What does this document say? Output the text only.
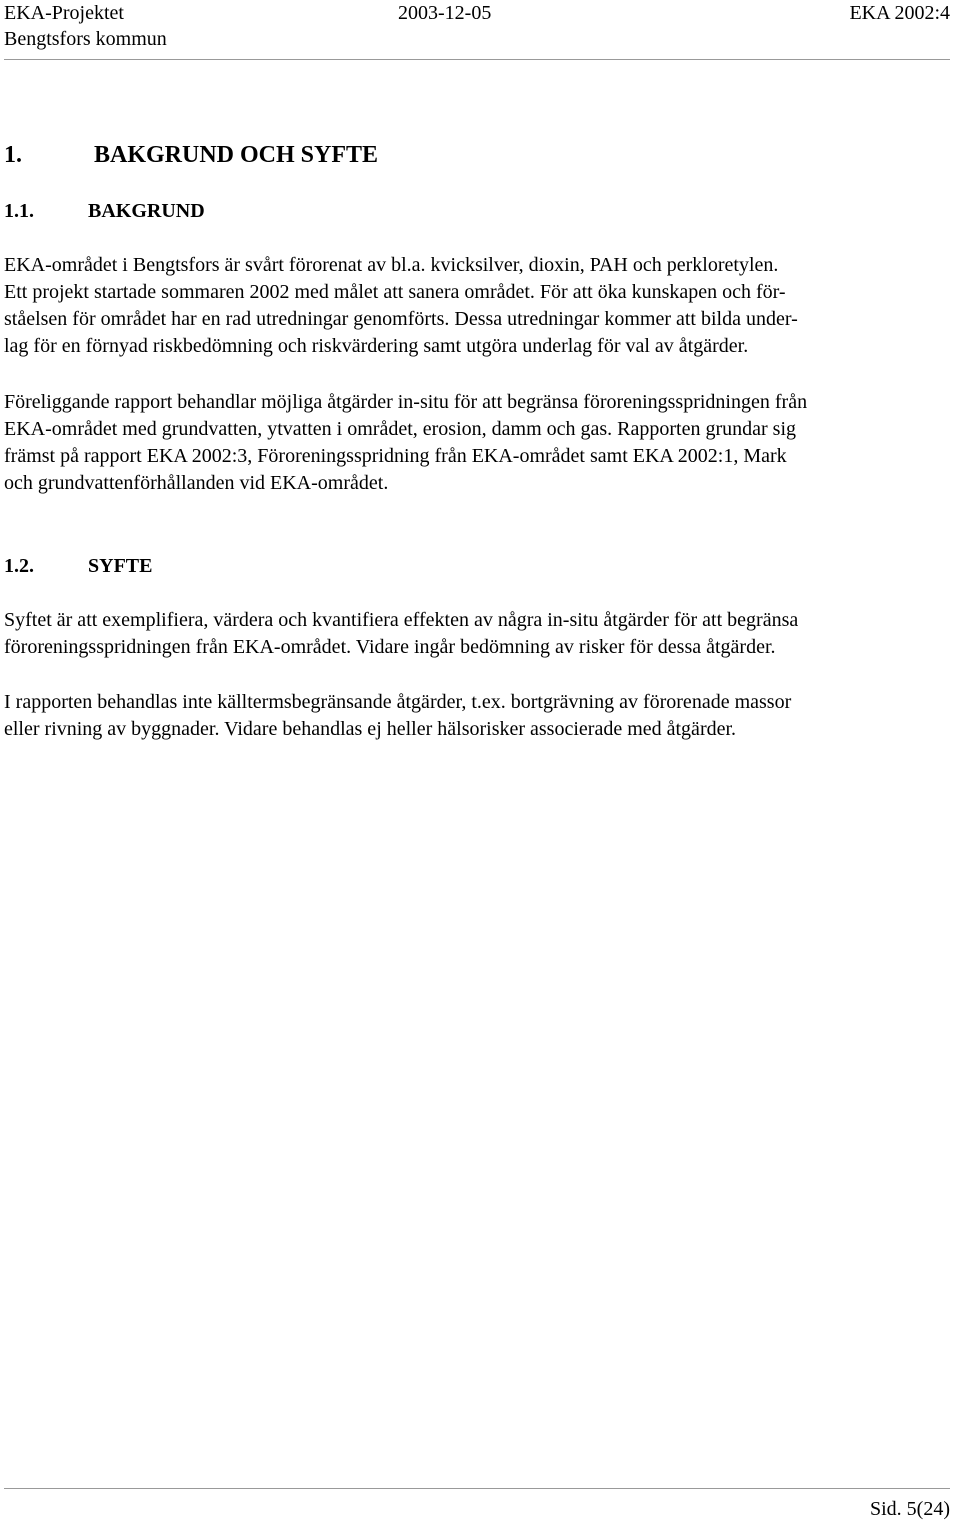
EKA-Projektet	2003-12-05	EKA 2002:4
Bengtsfors kommun
1.	BAKGRUND OCH SYFTE
1.1.	BAKGRUND

EKA-området i Bengtsfors är svårt förorenat av bl.a. kvicksilver, dioxin, PAH och perkloretylen.
Ett projekt startade sommaren 2002 med målet att sanera området. För att öka kunskapen och för-
ståelsen för området har en rad utredningar genomförts. Dessa utredningar kommer att bilda under-
lag för en förnyad riskbedömning och riskvärdering samt utgöra underlag för val av åtgärder.

Föreliggande rapport behandlar möjliga åtgärder in-situ för att begränsa föroreningsspridningen från
EKA-området med grundvatten, ytvatten i området, erosion, damm och gas. Rapporten grundar sig
främst på rapport EKA 2002:3, Föroreningsspridning från EKA-området samt EKA 2002:1, Mark
och grundvattenförhållanden vid EKA-området.

1.2.	SYFTE

Syftet är att exemplifiera, värdera och kvantifiera effekten av några in-situ åtgärder för att begränsa
föroreningsspridningen från EKA-området. Vidare ingår bedömning av risker för dessa åtgärder.

I rapporten behandlas inte källtermsbegränsande åtgärder, t.ex. bortgrävning av förorenade massor
eller rivning av byggnader. Vidare behandlas ej heller hälsorisker associerade med åtgärder.

Sid. 5(24)
